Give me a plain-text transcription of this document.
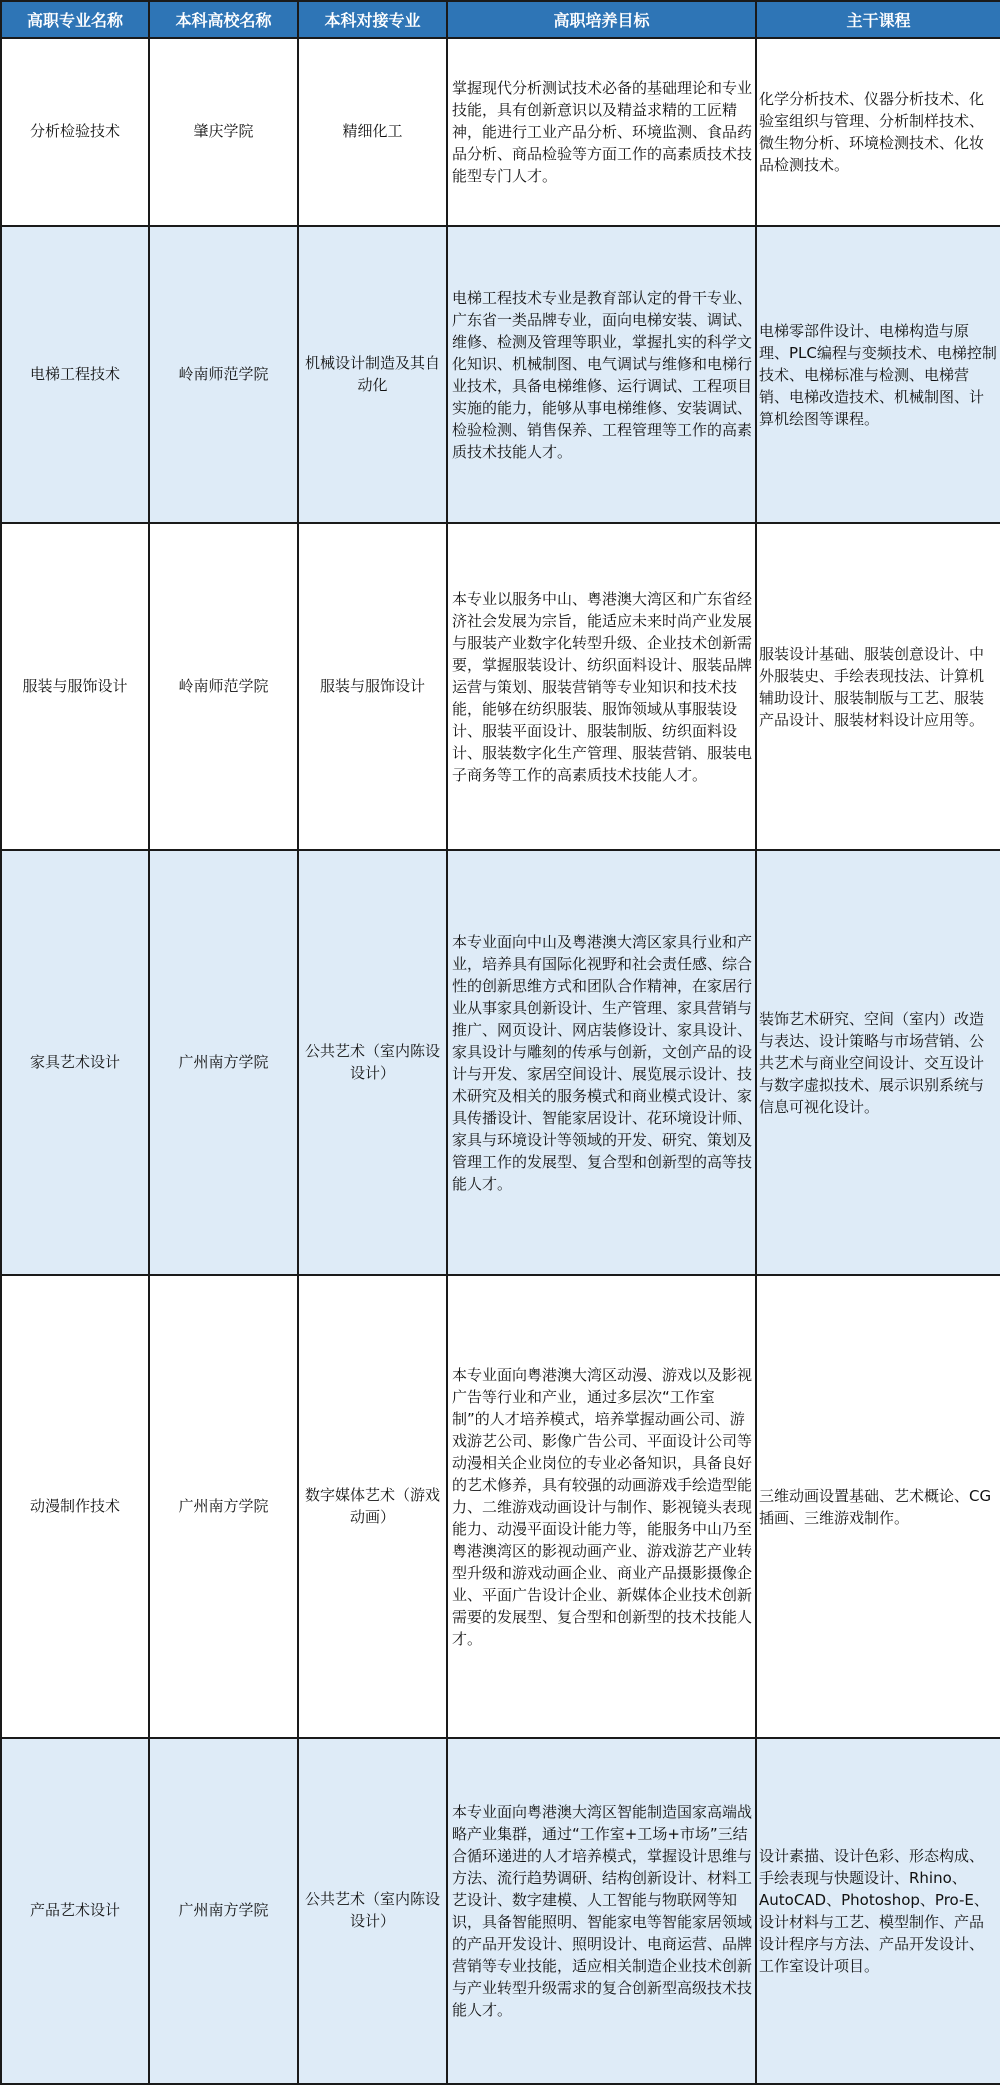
高职专业名称	本科高校名称	本科对接专业	高职培养目标	主干课程
分析检验技术	肇庆学院	精细化工	掌握现代分析测试技术必备的基础理论和专业技能，具有创新意识以及精益求精的工匠精神，能进行工业产品分析、环境监测、食品药品分析、商品检验等方面工作的高素质技术技能型专门人才。	化学分析技术、仪器分析技术、化验室组织与管理、分析制样技术、微生物分析、环境检测技术、化妆品检测技术。
电梯工程技术	岭南师范学院	机械设计制造及其自动化	电梯工程技术专业是教育部认定的骨干专业、广东省一类品牌专业，面向电梯安装、调试、维修、检测及管理等职业，掌握扎实的科学文化知识、机械制图、电气调试与维修和电梯行业技术，具备电梯维修、运行调试、工程项目实施的能力，能够从事电梯维修、安装调试、检验检测、销售保养、工程管理等工作的高素质技术技能人才。	电梯零部件设计、电梯构造与原理、PLC编程与变频技术、电梯控制技术、电梯标准与检测、电梯营销、电梯改造技术、机械制图、计算机绘图等课程。
服装与服饰设计	岭南师范学院	服装与服饰设计	本专业以服务中山、粤港澳大湾区和广东省经济社会发展为宗旨，能适应未来时尚产业发展与服装产业数字化转型升级、企业技术创新需要，掌握服装设计、纺织面料设计、服装品牌运营与策划、服装营销等专业知识和技术技能，能够在纺织服装、服饰领域从事服装设计、服装平面设计、服装制版、纺织面料设计、服装数字化生产管理、服装营销、服装电子商务等工作的高素质技术技能人才。	服装设计基础、服装创意设计、中外服装史、手绘表现技法、计算机辅助设计、服装制版与工艺、服装产品设计、服装材料设计应用等。
家具艺术设计	广州南方学院	公共艺术（室内陈设设计）	本专业面向中山及粤港澳大湾区家具行业和产业，培养具有国际化视野和社会责任感、综合性的创新思维方式和团队合作精神，在家居行业从事家具创新设计、生产管理、家具营销与推广、网页设计、网店装修设计、家具设计、家具设计与雕刻的传承与创新，文创产品的设计与开发、家居空间设计、展览展示设计、技术研究及相关的服务模式和商业模式设计、家具传播设计、智能家居设计、花环境设计师、家具与环境设计等领域的开发、研究、策划及管理工作的发展型、复合型和创新型的高等技能人才。	装饰艺术研究、空间（室内）改造与表达、设计策略与市场营销、公共艺术与商业空间设计、交互设计与数字虚拟技术、展示识别系统与信息可视化设计。
动漫制作技术	广州南方学院	数字媒体艺术（游戏动画）	本专业面向粤港澳大湾区动漫、游戏以及影视广告等行业和产业，通过多层次“工作室制”的人才培养模式，培养掌握动画公司、游戏游艺公司、影像广告公司、平面设计公司等动漫相关企业岗位的专业必备知识，具备良好的艺术修养，具有较强的动画游戏手绘造型能力、二维游戏动画设计与制作、影视镜头表现能力、动漫平面设计能力等，能服务中山乃至粤港澳湾区的影视动画产业、游戏游艺产业转型升级和游戏动画企业、商业产品摄影摄像企业、平面广告设计企业、新媒体企业技术创新需要的发展型、复合型和创新型的技术技能人才。	三维动画设置基础、艺术概论、CG插画、三维游戏制作。
产品艺术设计	广州南方学院	公共艺术（室内陈设设计）	本专业面向粤港澳大湾区智能制造国家高端战略产业集群，通过“工作室+工场+市场”三结合循环递进的人才培养模式，掌握设计思维与方法、流行趋势调研、结构创新设计、材料工艺设计、数字建模、人工智能与物联网等知识，具备智能照明、智能家电等智能家居领域的产品开发设计、照明设计、电商运营、品牌营销等专业技能，适应相关制造企业技术创新与产业转型升级需求的复合创新型高级技术技能人才。	设计素描、设计色彩、形态构成、手绘表现与快题设计、Rhino、AutoCAD、Photoshop、Pro-E、设计材料与工艺、模型制作、产品设计程序与方法、产品开发设计、工作室设计项目。
